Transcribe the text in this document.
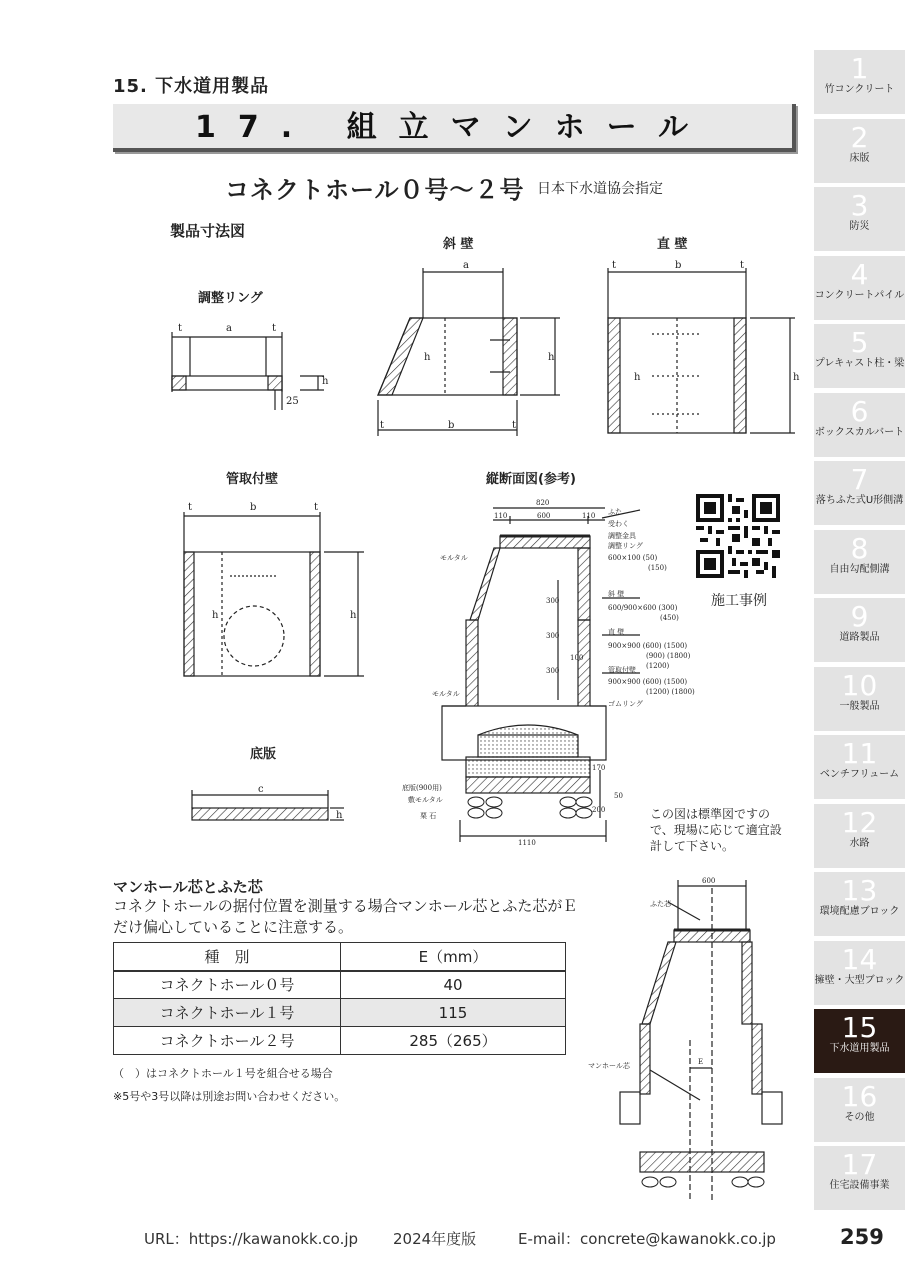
15. 下水道用製品
17. 組立マンホール
コネクトホール０号〜２号 日本下水道協会指定
製品寸法図
調整リング
斜 壁	直 壁
管取付壁	縦断面図(参考)
底版
t	a	t
25
h
a
b
t	t
h
h
t	b	t
h	h
t	b	t
h	h
c
h
820
110	600	110
1110
300
300
300
100
170
50
200
ふた
受わく
調整金具
調整リング
600×100 (50)
(150)
斜 壁
600/900×600 (300)
(450)
直 壁
900×900 (600) (1500)
(900) (1800)
(1200)
管取付壁
900×900 (600) (1500)
(1200) (1800)
ゴムリング
モルタル
モルタル
底版(900用)
敷モルタル
栗 石
600
ふた芯
マンホール芯	E
施工事例
この図は標準図ですので、現場に応じて適宜設計して下さい。
マンホール芯とふた芯
コネクトホールの据付位置を測量する場合マンホール芯とふた芯がＥだけ偏心していることに注意する。
種　別	E（mm）
コネクトホール０号	40
コネクトホール１号	115
コネクトホール２号	285（265）
（　）はコネクトホール１号を組合せる場合
※5号や3号以降は別途お問い合わせください。
URL：https://kawanokk.co.jp 2024年度版	E-mail：concrete@kawanokk.co.jp	259
1
竹コンクリート
2
床版
3
防災
4
コンクリートパイル
5
プレキャスト柱・梁
6
ボックスカルバート
7
落ちふた式U形側溝
8
自由勾配側溝
9
道路製品
10
一般製品
11
ベンチフリューム
12
水路
13
環境配慮ブロック
14
擁壁・大型ブロック
15
下水道用製品
16
その他
17
住宅設備事業
